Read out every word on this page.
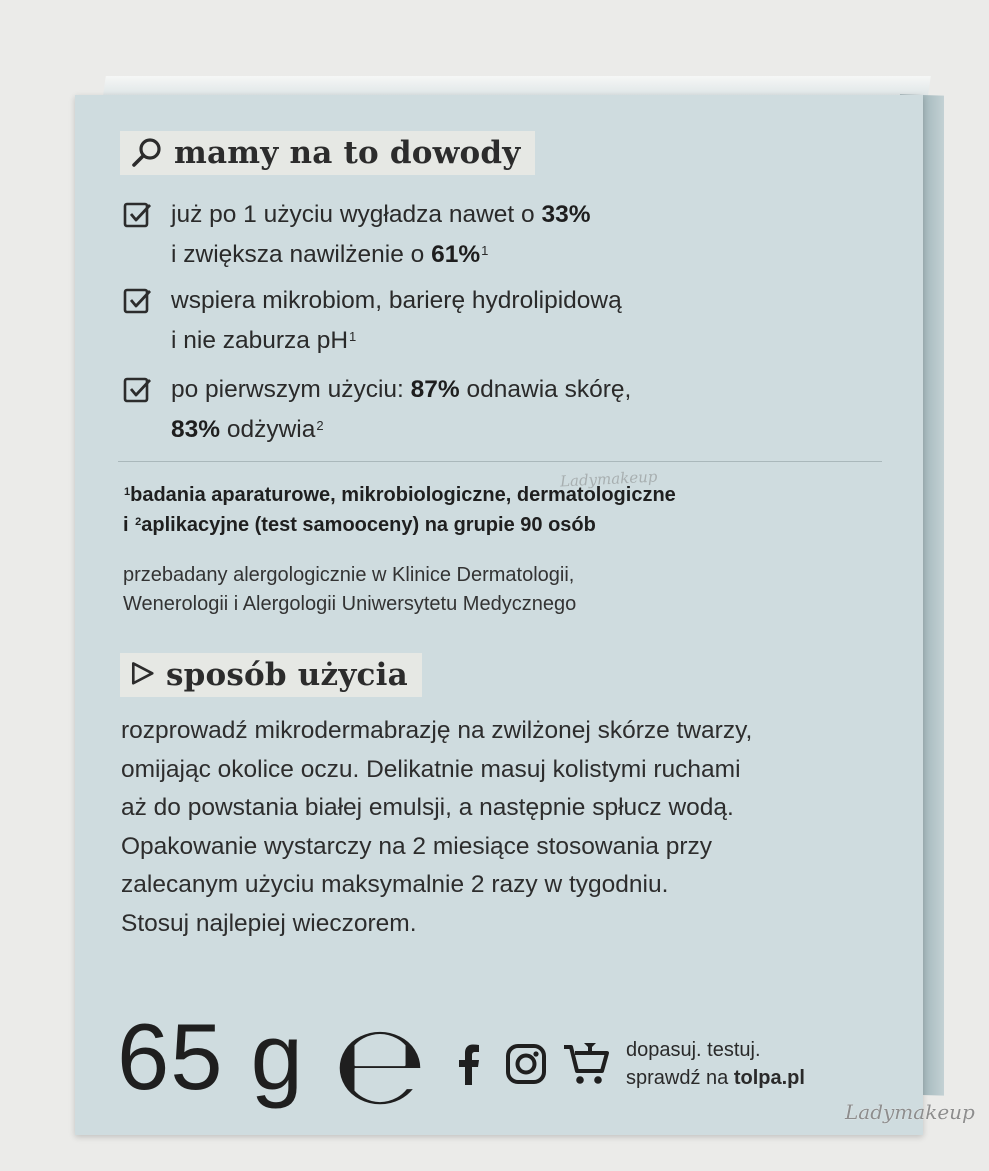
mamy na to dowody
już po 1 użyciu wygładza nawet o 33%
i zwiększa nawilżenie o 61%$^1$
wspiera mikrobiom, barierę hydrolipidową
i nie zaburza $pH^1$
po pierwszym użyciu: 87% odnawia skórę,
83% odżywia$^2$
$^1$badania aparaturowe, mikrobiologiczne, dermatologiczne
i $^2$aplikacyjne (test samooceny) na grupie 90 osób
przebadany alergologicznie w Klinice Dermatologii,
Wenerologii i Alergologii Uniwersytetu Medycznego
sposób użycia
rozprowadź mikrodermabrazję na zwilżonej skórze twarzy,
omijając okolice oczu. Delikatnie masuj kolistymi ruchami
aż do powstania białej emulsji, a następnie spłucz wodą.
Opakowanie wystarczy na 2 miesiące stosowania przy
zalecanym użyciu maksymalnie 2 razy w tygodniu.
Stosuj najlepiej wieczorem.
65 g ℮	dopasuj. testuj.
sprawdź na tolpa.pl
Ladymakeup
Ladymakeup
